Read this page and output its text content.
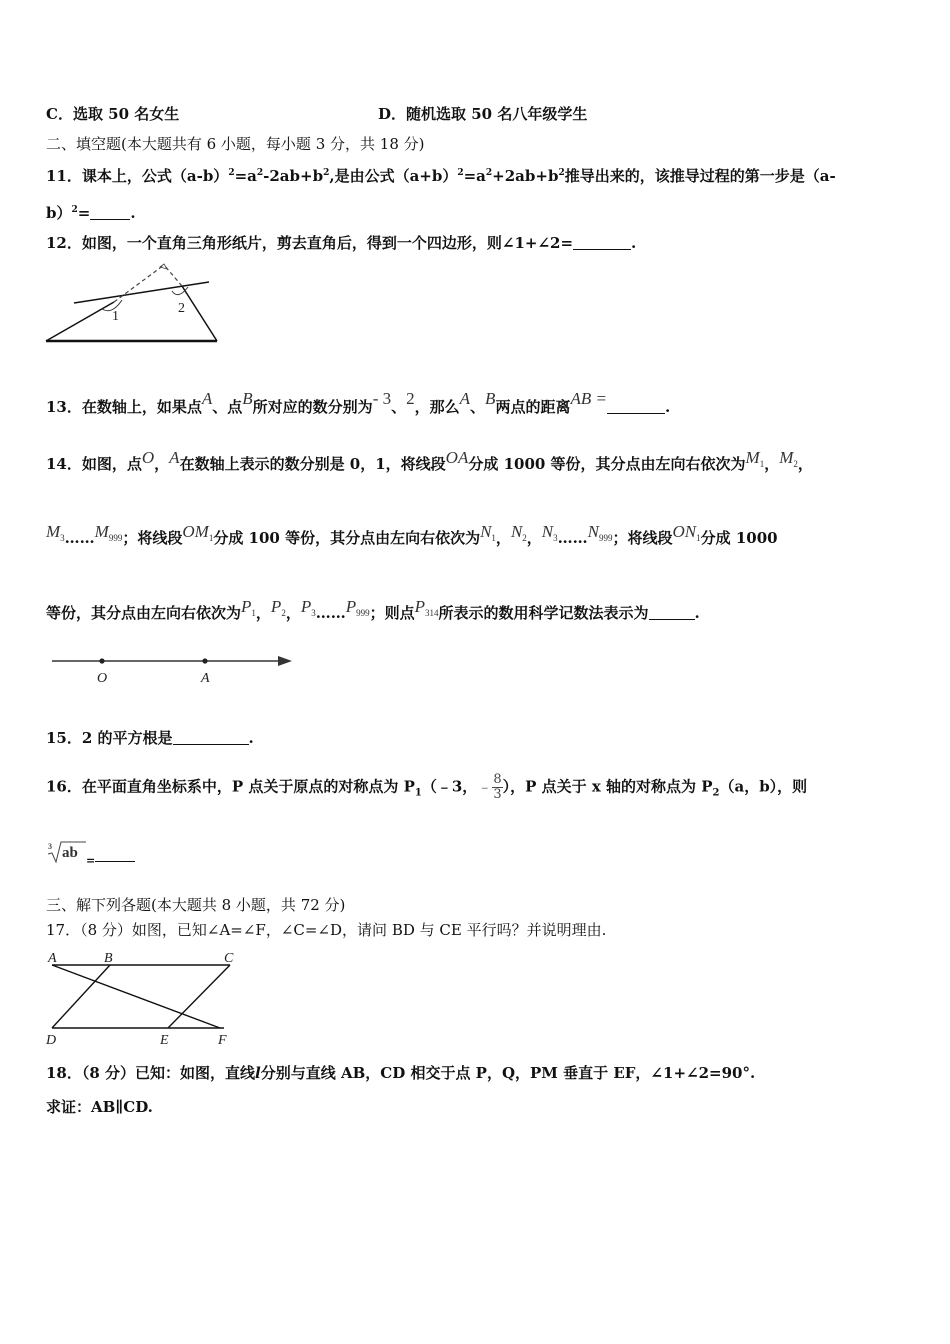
C．选取 50 名女生	D．随机选取 50 名八年级学生
二、填空题(本大题共有 6 小题，每小题 3 分，共 18 分)
11．课本上，公式$(a-b)^2=a^2-2ab+b^2$,是由公式$(a+b)^2=a^2+2ab+b^2$推导出来的，该推导过程的第一步是（a-
b）$^2$=	.
12．如图，一个直角三角形纸片，剪去直角后，得到一个四边形，则∠1+∠2=	.
1
2
13．在数轴上，如果点A、点B所对应的数分别为- 3、2，那么A、B两点的距离AB =	.
14．如图，点O，A在数轴上表示的数分别是 0，1，将线段OA分成 1000 等份，其分点由左向右依次为$M_1$，$M_2$，
$M_3\dots\dots M_{999}$；将线段$OM_1$分成 100 等份，其分点由左向右依次为$N_1$，$N_2$，$N_3\dots\dots N_{999}$；将线段$ON_1$分成 1000
等份，其分点由左向右依次为$P_1$，$P_2$，$P_3\dots\dots P_{999}$；则点$P_{314}$所表示的数用科学记数法表示为	.
O	A
15．2 的平方根是	.
16．在平面直角坐标系中，P 点关于原点的对称点为 $P_1(﹣3$，﹣ $\frac{8}{3}$ ），P 点关于 x 轴的对称点为 $P_2(a$，b），则
3 ab $_=$
三、解下列各题(本大题共 8 小题，共 72 分)
17．（8 分）如图，已知∠A=∠F，∠C=∠D，请问 BD 与 CE 平行吗？并说明理由.
A	B	C
D	E	F
18．（8 分）已知：如图，直线l分别与直线 AB，CD 相交于点 P，Q，PM 垂直于 EF，∠1+∠2=90°.
求证：AB∥CD.
